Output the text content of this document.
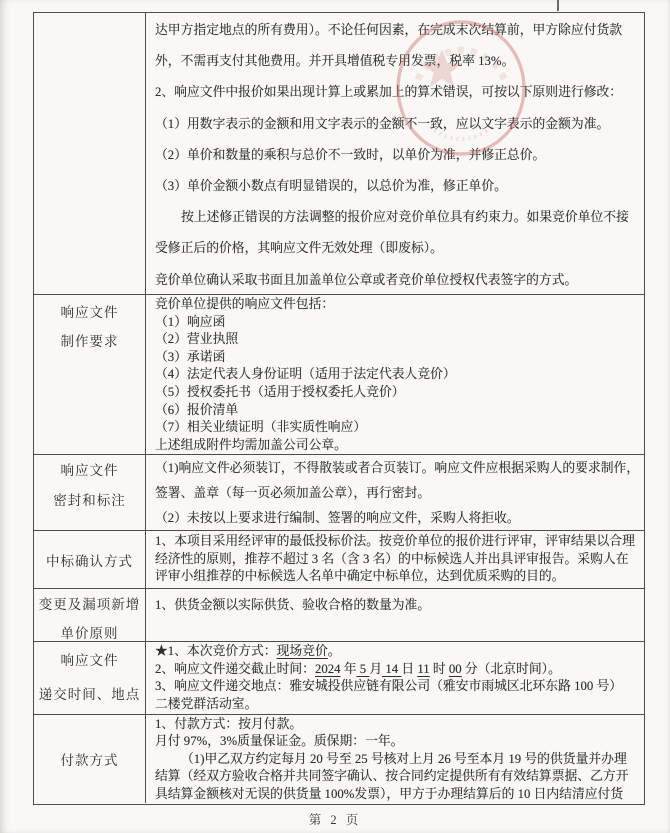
达甲方指定地点的所有费用）。不论任何因素，在完成末次结算前，甲方除应付货款
外，不需再支付其他费用。并开具增值税专用发票，税率 13%。
2、响应文件中报价如果出现计算上或累加上的算术错误，可按以下原则进行修改：
（1）用数字表示的金额和用文字表示的金额不一致，应以文字表示的金额为准。
（2）单价和数量的乘积与总价不一致时，以单价为准，并修正总价。
（3）单价金额小数点有明显错误的，以总价为准，修正单价。
按上述修正错误的方法调整的报价应对竞价单位具有约束力。如果竞价单位不接
受修正后的价格，其响应文件无效处理（即废标）。
竞价单位确认采取书面且加盖单位公章或者竞价单位授权代表签字的方式。
响应文件
制作要求
竞价单位提供的响应文件包括：
（1）响应函
（2）营业执照
（3）承诺函
（4）法定代表人身份证明（适用于法定代表人竞价）
（5）授权委托书（适用于授权委托人竞价）
（6）报价清单
（7）相关业绩证明（非实质性响应）
上述组成附件均需加盖公司公章。
响应文件
密封和标注
（1)响应文件必须装订，不得散装或者合页装订。响应文件应根据采购人的要求制作，
签署、盖章（每一页必须加盖公章），再行密封。
（2）未按以上要求进行编制、签署的响应文件，采购人将拒收。
中标确认方式
1、本项目采用经评审的最低投标价法。按竞价单位的报价进行评审，评审结果以合理
经济性的原则，推荐不超过 3 名（含 3 名）的中标候选人并出具评审报告。采购人在
评审小组推荐的中标候选人名单中确定中标单位，达到优质采购的目的。
变更及漏项新增
单价原则
1、供货金额以实际供货、验收合格的数量为准。
响应文件
递交时间、地点
★1、本次竞价方式：现场竞价。
2、响应文件递交截止时间：2024 年 5 月 14 日 11 时 00 分（北京时间）。
3、响应文件递交地点：雅安城投供应链有限公司（雅安市雨城区北环东路 100 号）
二楼党群活动室。
付款方式
1、付款方式：按月付款。
月付 97%，3%质量保证金。质保期：一年。
（1)甲乙双方约定每月 20 号至 25 号核对上月 26 号至本月 19 号的供货量并办理
结算（经双方验收合格并共同签字确认、按合同约定提供所有有效结算票据、乙方开
具结算金额核对无误的供货量 100%发票），甲方于办理结算后的 10 日内结清应付货
第 2 页
